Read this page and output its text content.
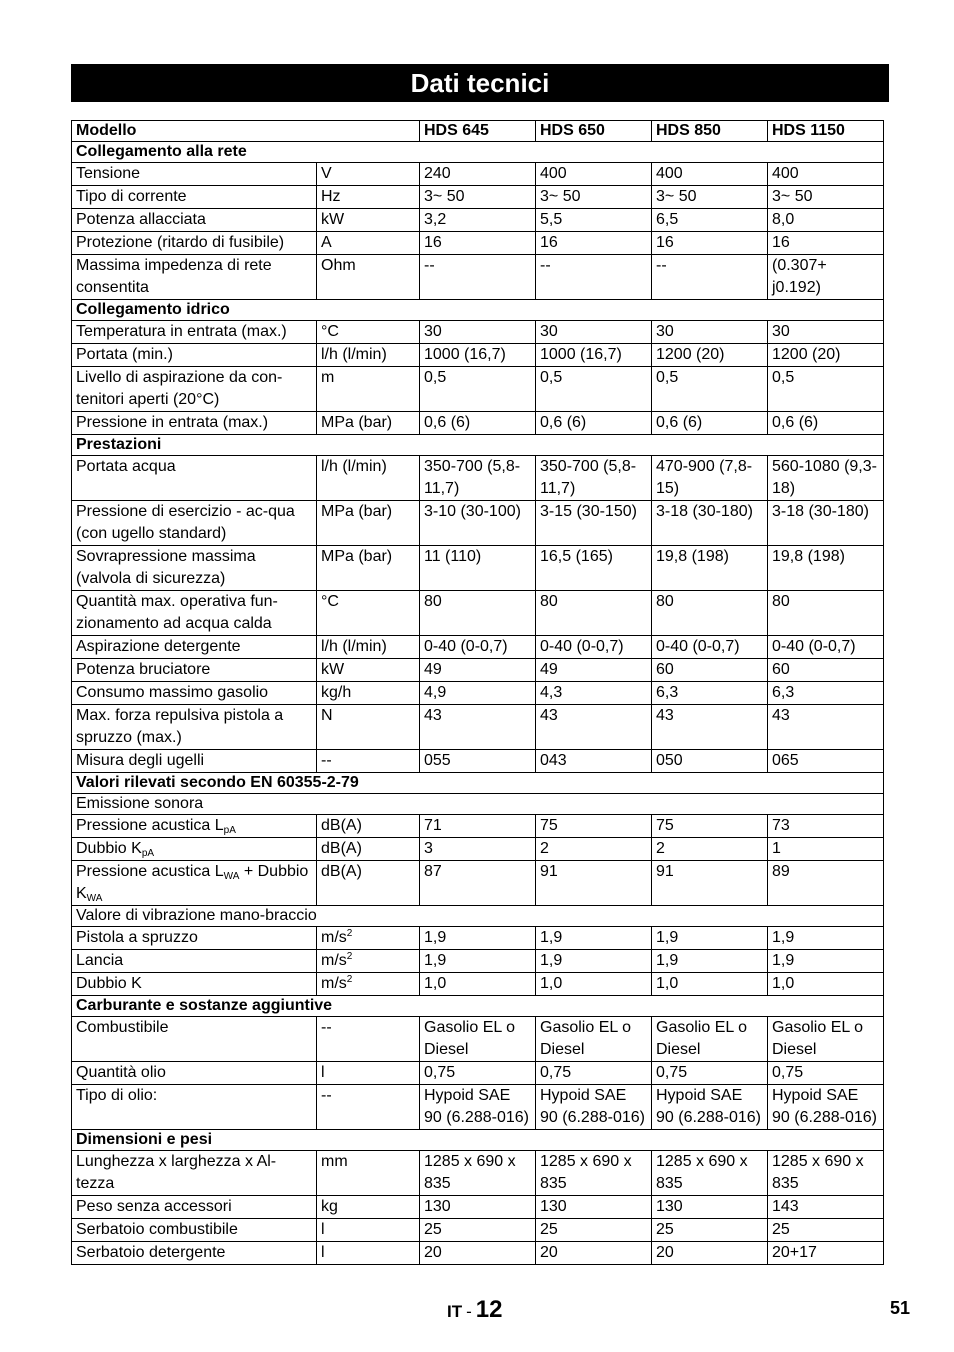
Dati tecnici
Modello		HDS 645	HDS 650	HDS 850	HDS 1150
Collegamento alla rete					
Tensione	V	240	400	400	400
Tipo di corrente	Hz	3~ 50	3~ 50	3~ 50	3~ 50
Potenza allacciata	kW	3,2	5,5	6,5	8,0
Protezione (ritardo di fusibile)	A	16	16	16	16
Massima impedenza di rete consentita	Ohm	--	--	--	(0.307+ j0.192)
Collegamento idrico					
Temperatura in entrata (max.)	°C	30	30	30	30
Portata (min.)	l/h (l/min)	1000 (16,7)	1000 (16,7)	1200 (20)	1200 (20)
Livello di aspirazione da con-tenitori aperti (20°C)	m	0,5	0,5	0,5	0,5
Pressione in entrata (max.)	MPa (bar)	0,6 (6)	0,6 (6)	0,6 (6)	0,6 (6)
Prestazioni					
Portata acqua	l/h (l/min)	350-700 (5,8-11,7)	350-700 (5,8-11,7)	470-900 (7,8-15)	560-1080 (9,3-18)
Pressione di esercizio - ac-qua (con ugello standard)	MPa (bar)	3-10 (30-100)	3-15 (30-150)	3-18 (30-180)	3-18 (30-180)
Sovrapressione massima (valvola di sicurezza)	MPa (bar)	11 (110)	16,5 (165)	19,8 (198)	19,8 (198)
Quantità max. operativa fun-zionamento ad acqua calda	°C	80	80	80	80
Aspirazione detergente	l/h (l/min)	0-40 (0-0,7)	0-40 (0-0,7)	0-40 (0-0,7)	0-40 (0-0,7)
Potenza bruciatore	kW	49	49	60	60
Consumo massimo gasolio	kg/h	4,9	4,3	6,3	6,3
Max. forza repulsiva pistola a spruzzo (max.)	N	43	43	43	43
Misura degli ugelli	--	055	043	050	065
Valori rilevati secondo EN 60355-2-79					
Emissione sonora					
Pressione acustica $L_{pA}$	dB(A)	71	75	75	73
Dubbio $K_{pA}$	dB(A)	3	2	2	1
Pressione acustica $L_{WA}$ + Dubbio $K_{WA}$	dB(A)	87	91	91	89
Valore di vibrazione mano-braccio					
Pistola a spruzzo	$m/s^2$	1,9	1,9	1,9	1,9
Lancia	$m/s^2$	1,9	1,9	1,9	1,9
Dubbio K	$m/s^2$	1,0	1,0	1,0	1,0
Carburante e sostanze aggiuntive					
Combustibile	--	Gasolio EL o Diesel	Gasolio EL o Diesel	Gasolio EL o Diesel	Gasolio EL o Diesel
Quantità olio	l	0,75	0,75	0,75	0,75
Tipo di olio:	--	Hypoid SAE 90 (6.288-016)	Hypoid SAE 90 (6.288-016)	Hypoid SAE 90 (6.288-016)	Hypoid SAE 90 (6.288-016)
Dimensioni e pesi					
Lunghezza x larghezza x Al-tezza	mm	1285 x 690 x 835	1285 x 690 x 835	1285 x 690 x 835	1285 x 690 x 835
Peso senza accessori	kg	130	130	130	143
Serbatoio combustibile	l	25	25	25	25
Serbatoio detergente	l	20	20	20	20+17
IT - 12	51
